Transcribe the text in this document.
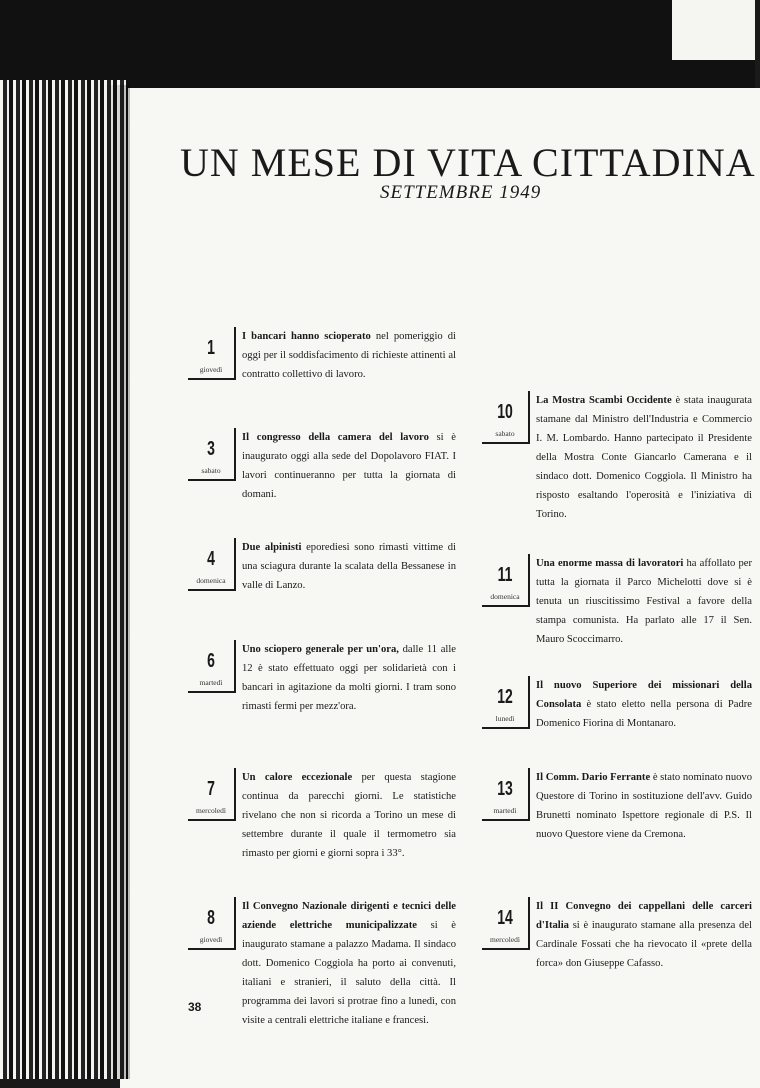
UN MESE DI VITA CITTADINA
SETTEMBRE 1949
1
giovedì
I bancari hanno scioperato nel pomeriggio di oggi per il soddisfacimento di richieste attinenti al contratto collettivo di lavoro.
3
sabato
Il congresso della camera del lavoro si è inaugurato oggi alla sede del Dopolavoro FIAT. I lavori continueranno per tutta la giornata di domani.
4
domenica
Due alpinisti eporediesi sono rimasti vittime di una sciagura durante la scalata della Bessanese in valle di Lanzo.
6
martedì
Uno sciopero generale per un'ora, dalle 11 alle 12 è stato effettuato oggi per solidarietà con i bancari in agitazione da molti giorni. I tram sono rimasti fermi per mezz'ora.
7
mercoledì
Un calore eccezionale per questa stagione continua da parecchi giorni. Le statistiche rivelano che non si ricorda a Torino un mese di settembre durante il quale il termometro sia rimasto per giorni e giorni sopra i 33°.
8
giovedì
Il Convegno Nazionale dirigenti e tecnici delle aziende elettriche municipalizzate si è inaugurato stamane a palazzo Madama. Il sindaco dott. Domenico Coggiola ha porto ai convenuti, italiani e stranieri, il saluto della città. Il programma dei lavori si protrae fino a lunedì, con visite a centrali elettriche italiane e francesi.
10
sabato
La Mostra Scambi Occidente è stata inaugurata stamane dal Ministro dell'Industria e Commercio I. M. Lombardo. Hanno partecipato il Presidente della Mostra Conte Giancarlo Camerana e il sindaco dott. Domenico Coggiola. Il Ministro ha risposto esaltando l'operosità e l'iniziativa di Torino.
11
domenica
Una enorme massa di lavoratori ha affollato per tutta la giornata il Parco Michelotti dove si è tenuta un riuscitissimo Festival a favore della stampa comunista. Ha parlato alle 17 il Sen. Mauro Scoccimarro.
12
lunedì
Il nuovo Superiore dei missionari della Consolata è stato eletto nella persona di Padre Domenico Fiorina di Montanaro.
13
martedì
Il Comm. Dario Ferrante è stato nominato nuovo Questore di Torino in sostituzione dell'avv. Guido Brunetti nominato Ispettore regionale di P.S. Il nuovo Questore viene da Cremona.
14
mercoledì
Il II Convegno dei cappellani delle carceri d'Italia si è inaugurato stamane alla presenza del Cardinale Fossati che ha rievocato il «prete della forca» don Giuseppe Cafasso.
38
